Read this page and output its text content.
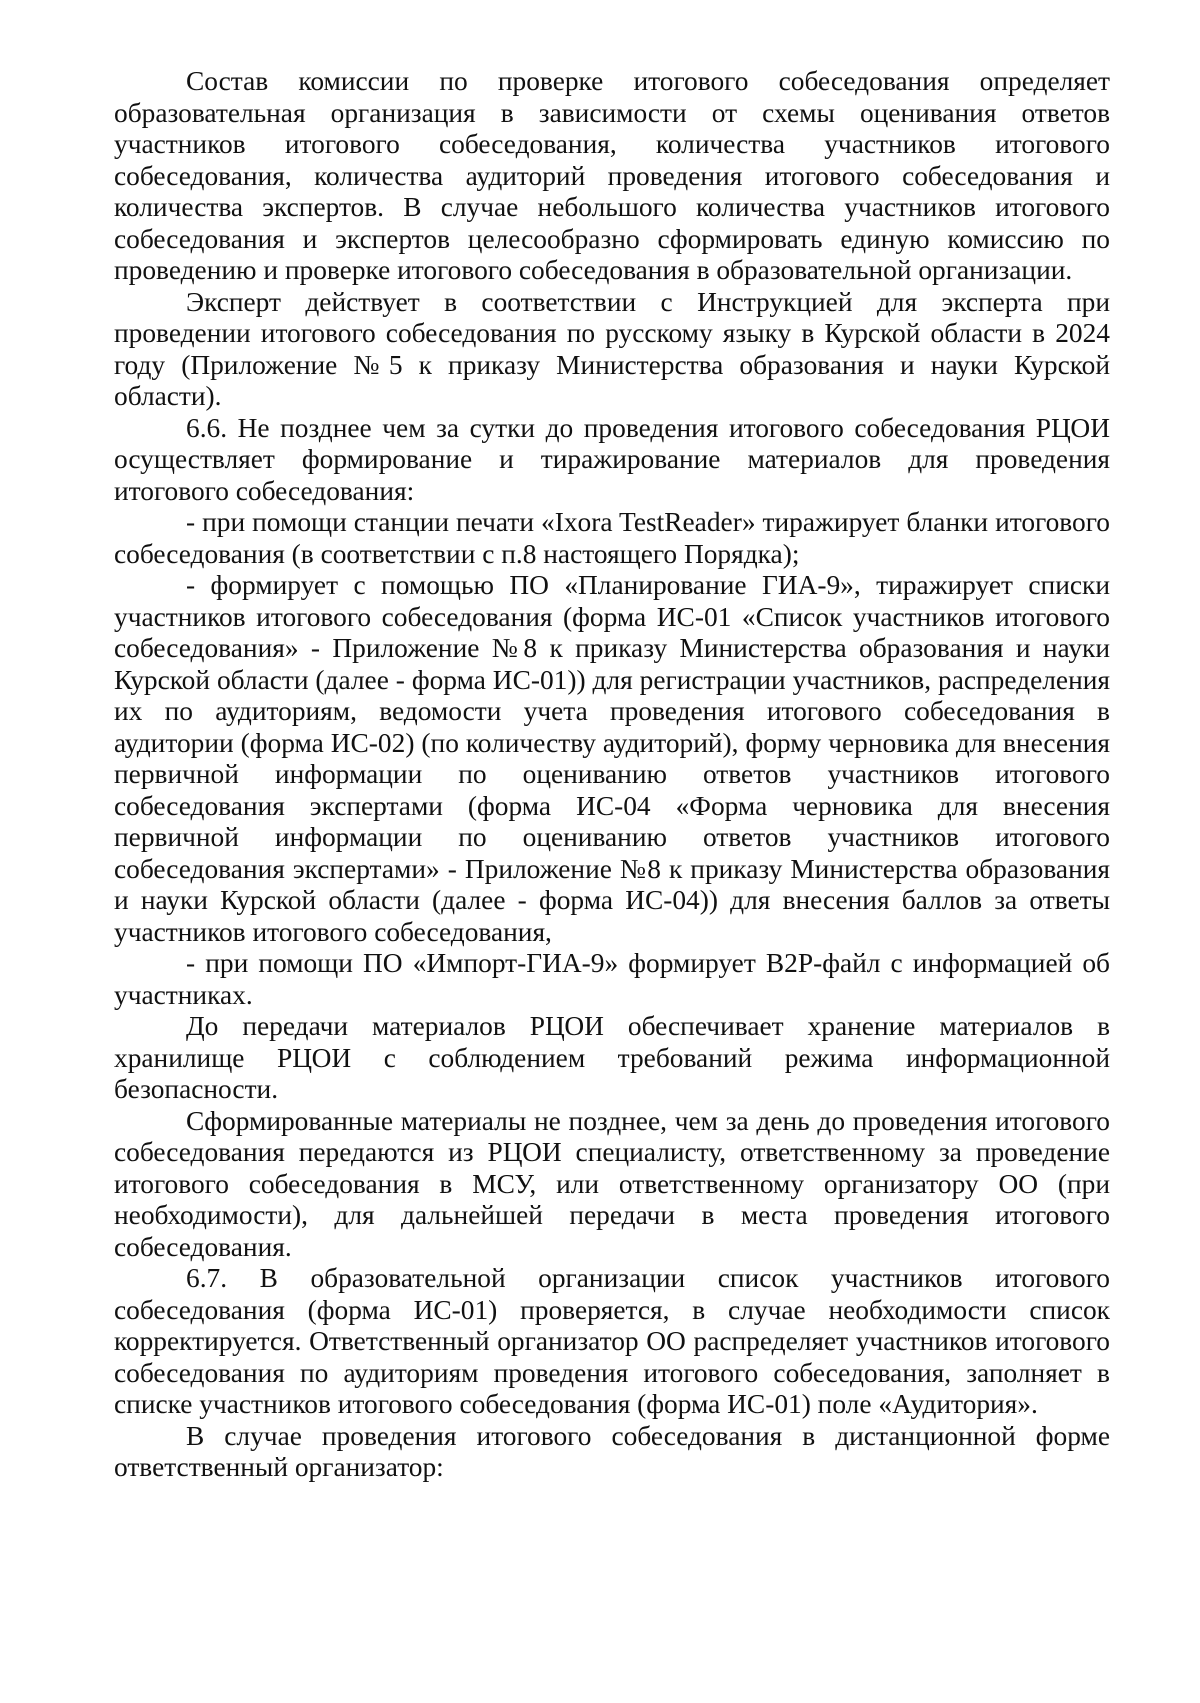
Состав комиссии по проверке итогового собеседования определяет образовательная организация в зависимости от схемы оценивания ответов участников итогового собеседования, количества участников итогового собеседования, количества аудиторий проведения итогового собеседования и количества экспертов. В случае небольшого количества участников итогового собеседования и экспертов целесообразно сформировать единую комиссию по проведению и проверке итогового собеседования в образовательной организации.

Эксперт действует в соответствии с Инструкцией для эксперта при проведении итогового собеседования по русскому языку в Курской области в 2024 году (Приложение №5 к приказу Министерства образования и науки Курской области).

6.6. Не позднее чем за сутки до проведения итогового собеседования РЦОИ осуществляет формирование и тиражирование материалов для проведения итогового собеседования:

- при помощи станции печати «Ixora TestReader» тиражирует бланки итогового собеседования (в соответствии с п.8 настоящего Порядка);

- формирует с помощью ПО «Планирование ГИА-9», тиражирует списки участников итогового собеседования (форма ИС-01 «Список участников итогового собеседования» - Приложение №8 к приказу Министерства образования и науки Курской области (далее - форма ИС-01)) для регистрации участников, распределения их по аудиториям, ведомости учета проведения итогового собеседования в аудитории (форма ИС-02) (по количеству аудиторий), форму черновика для внесения первичной информации по оцениванию ответов участников итогового собеседования экспертами (форма ИС-04 «Форма черновика для внесения первичной информации по оцениванию ответов участников итогового собеседования экспертами» - Приложение №8 к приказу Министерства образования и науки Курской области (далее - форма ИС-04)) для внесения баллов за ответы участников итогового собеседования,

- при помощи ПО «Импорт-ГИА-9» формирует B2P-файл с информацией об участниках.

До передачи материалов РЦОИ обеспечивает хранение материалов в хранилище РЦОИ с соблюдением требований режима информационной безопасности.

Сформированные материалы не позднее, чем за день до проведения итогового собеседования передаются из РЦОИ специалисту, ответственному за проведение итогового собеседования в МСУ, или ответственному организатору ОО (при необходимости), для дальнейшей передачи в места проведения итогового собеседования.

6.7. В образовательной организации список участников итогового собеседования (форма ИС-01) проверяется, в случае необходимости список корректируется. Ответственный организатор ОО распределяет участников итогового собеседования по аудиториям проведения итогового собеседования, заполняет в списке участников итогового собеседования (форма ИС-01) поле «Аудитория».

В случае проведения итогового собеседования в дистанционной форме ответственный организатор:
